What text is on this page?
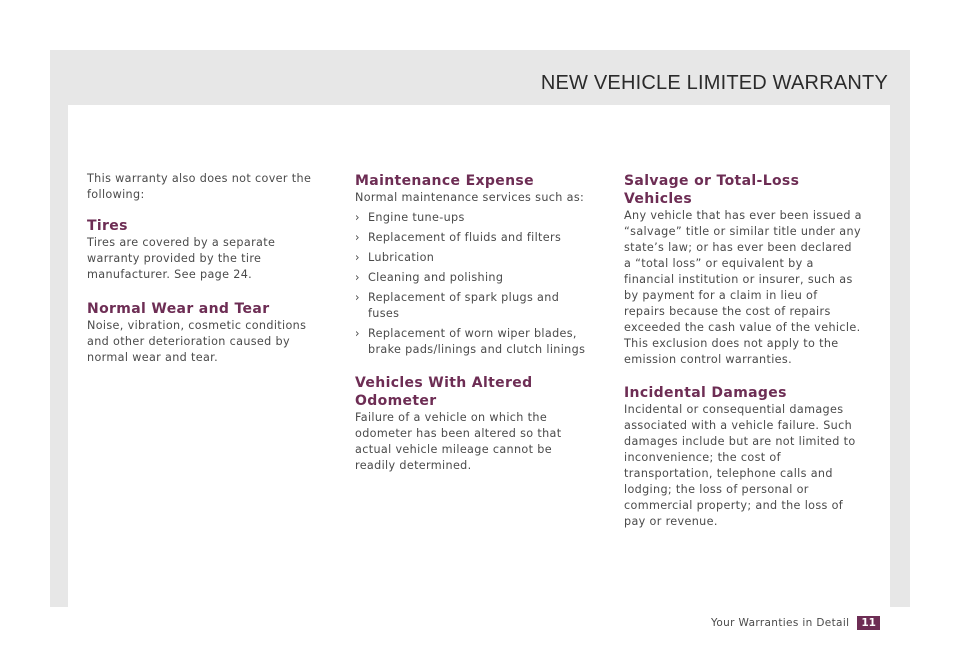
NEW VEHICLE LIMITED WARRANTY

This warranty also does not cover the following:

Tires

Tires are covered by a separate warranty provided by the tire manufacturer. See page 24.

Normal Wear and Tear

Noise, vibration, cosmetic conditions and other deterioration caused by normal wear and tear.

Maintenance Expense

Normal maintenance services such as:

› Engine tune-ups
› Replacement of fluids and filters
› Lubrication
› Cleaning and polishing
› Replacement of spark plugs and fuses
› Replacement of worn wiper blades, brake pads/linings and clutch linings
Vehicles With Altered Odometer

Failure of a vehicle on which the odometer has been altered so that actual vehicle mileage cannot be readily determined.

Salvage or Total-Loss Vehicles

Any vehicle that has ever been issued a “salvage” title or similar title under any state’s law; or has ever been declared a “total loss” or equivalent by a financial institution or insurer, such as by payment for a claim in lieu of repairs because the cost of repairs exceeded the cash value of the vehicle. This exclusion does not apply to the emission control warranties.

Incidental Damages

Incidental or consequential damages associated with a vehicle failure. Such damages include but are not limited to inconvenience; the cost of transportation, telephone calls and lodging; the loss of personal or commercial property; and the loss of pay or revenue.

Your Warranties in Detail	11
